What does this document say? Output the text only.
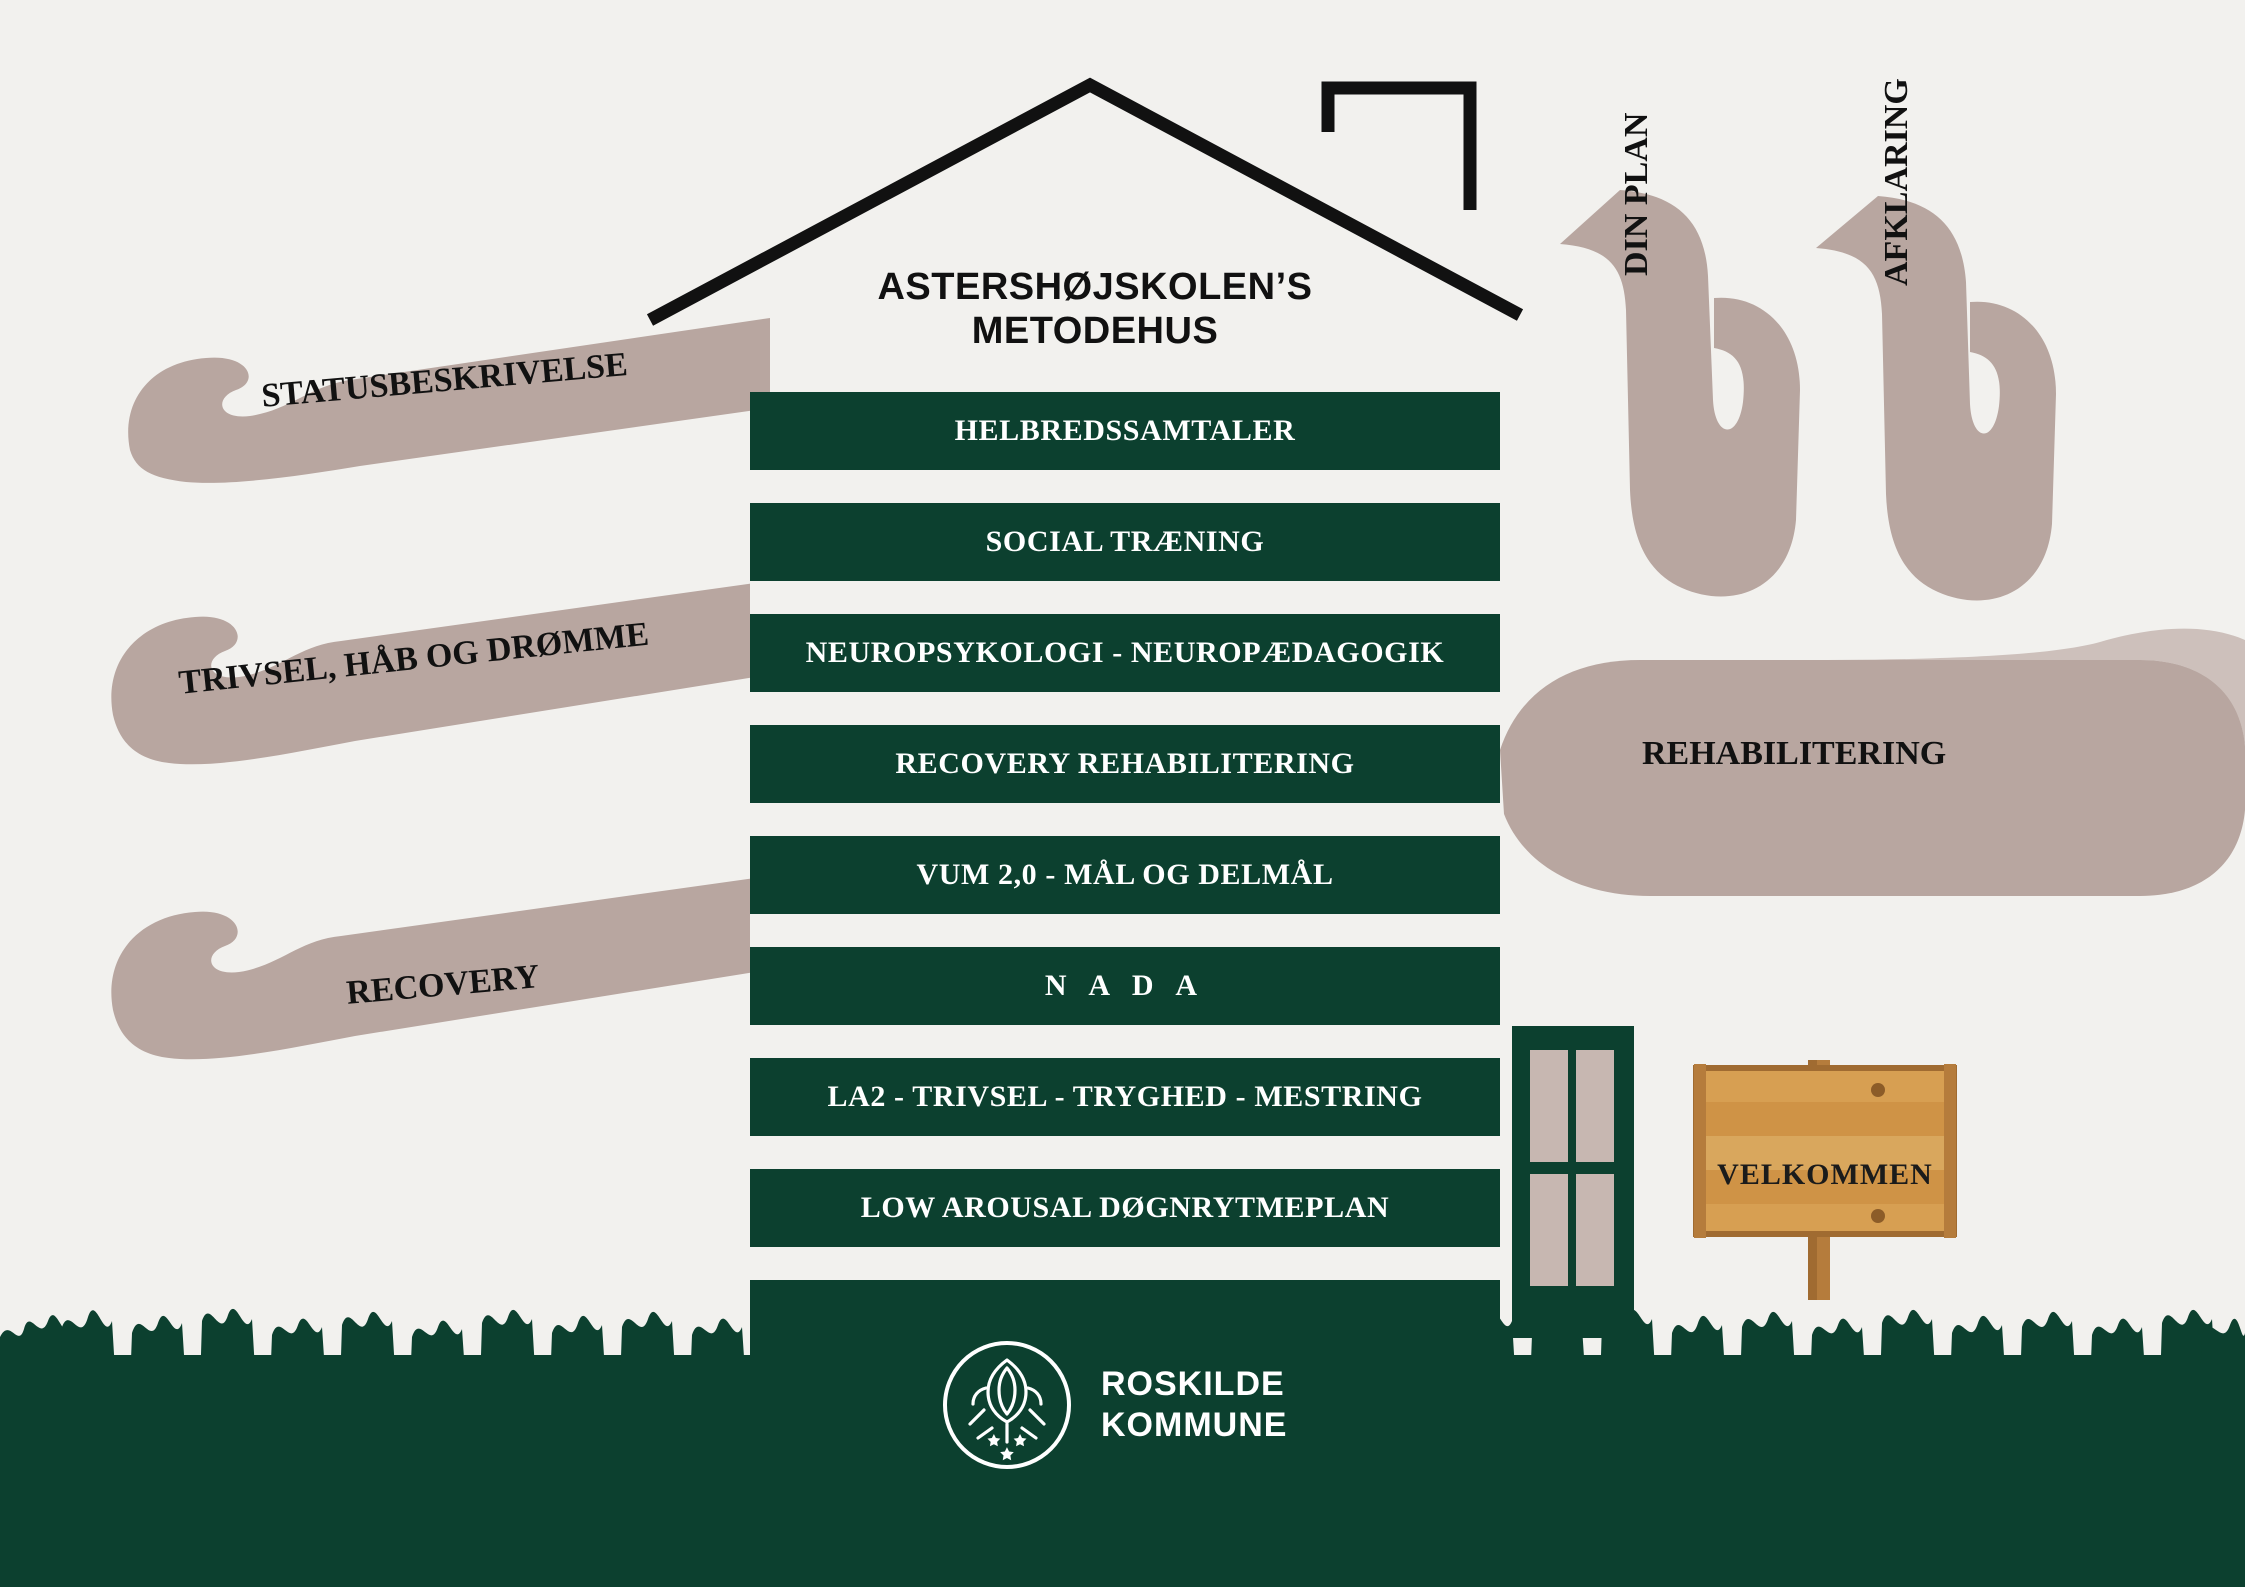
DIN PLAN	AFKLARING
REHABILITERING
STATUSBESKRIVELSE
TRIVSEL, HÅB OG DRØMME
RECOVERY
ASTERSHØJSKOLEN’S
METODEHUS
HELBREDSSAMTALER
SOCIAL TRÆNING
NEUROPSYKOLOGI - NEUROPÆDAGOGIK
RECOVERY REHABILITERING
VUM 2,0 - MÅL OG DELMÅL
N A D A
LA2 - TRIVSEL - TRYGHED - MESTRING
LOW AROUSAL DØGNRYTMEPLAN
VELKOMMEN
ROSKILDE
KOMMUNE
